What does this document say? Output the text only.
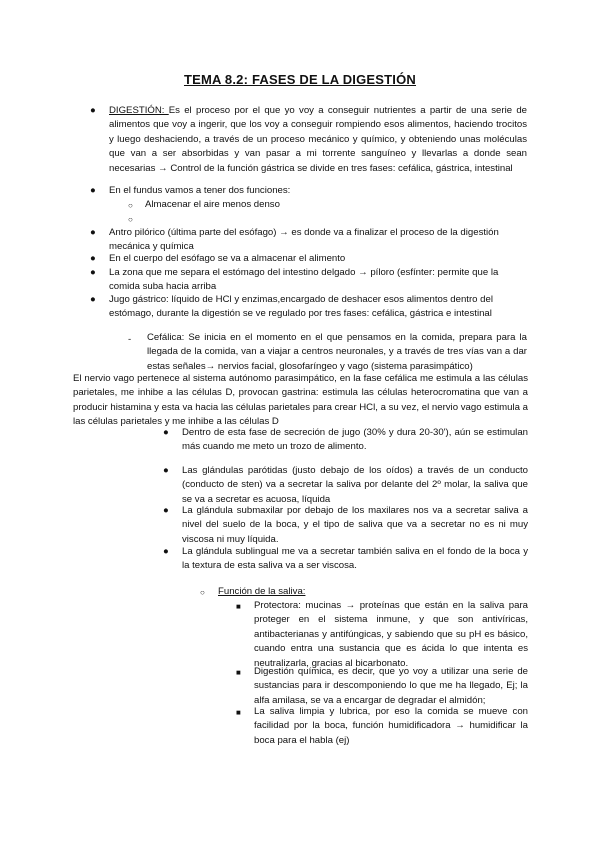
TEMA 8.2: FASES DE LA DIGESTIÓN
● DIGESTIÓN: Es el proceso por el que yo voy a conseguir nutrientes a partir de una serie de alimentos que voy a ingerir, que los voy a conseguir rompiendo esos alimentos, haciendo trocitos y luego deshaciendo, a través de un proceso mecánico y químico, y obteniendo unas moléculas que van a ser absorbidas y van pasar a mi torrente sanguíneo y llevarlas a donde sean necesarias → Control de la función gástrica se divide en tres fases: cefálica, gástrica, intestinal
● En el fundus vamos a tener dos funciones:
○ Almacenar el aire menos denso
○
● Antro pilórico (última parte del esófago) → es donde va a finalizar el proceso de la digestión mecánica y química
● En el cuerpo del esófago se va a almacenar el alimento
● La zona que me separa el estómago del intestino delgado → píloro (esfínter: permite que la comida suba hacia arriba
● Jugo gástrico: líquido de HCl y enzimas,encargado de deshacer esos alimentos dentro del estómago, durante la digestión se ve regulado por tres fases: cefálica, gástrica e intestinal
- Cefálica: Se inicia en el momento en el que pensamos en la comida, prepara para la llegada de la comida, van a viajar a centros neuronales, y a través de tres vías van a dar estas señales→ nervios facial, glosofaríngeo y vago (sistema parasimpático)
El nervio vago pertenece al sistema autónomo parasimpático, en la fase cefálica me estimula a las células parietales, me inhibe a las células D, provocan gastrina: estimula las células heterocromatina que van a producir histamina y esta va hacia las células parietales para crear HCl, a su vez, el nervio vago estimula a las células parietales y me inhibe a las células D
● Dentro de esta fase de secreción de jugo (30% y dura 20-30'), aún se estimulan más cuando me meto un trozo de alimento.
● Las glándulas parótidas (justo debajo de los oídos) a través de un conducto (conducto de sten) va a secretar la saliva por delante del 2º molar, la saliva que se va a secretar es acuosa, líquida
● La glándula submaxilar por debajo de los maxilares nos va a secretar saliva a nivel del suelo de la boca, y el tipo de saliva que va a secretar no es ni muy viscosa ni muy líquida.
● La glándula sublingual me va a secretar también saliva en el fondo de la boca y la textura de esta saliva va a ser viscosa.
○ Función de la saliva:
■ Protectora: mucinas → proteínas que están en la saliva para proteger en el sistema inmune, y que son antivíricas, antibacterianas y antifúngicas, y sabiendo que su pH es básico, cuando entra una sustancia que es ácida lo que intenta es neutralizarla, gracias al bicarbonato.
■ Digestión química, es decir, que yo voy a utilizar una serie de sustancias para ir descomponiendo lo que me ha llegado, Ej; la alfa amilasa, se va a encargar de degradar el almidón;
■ La saliva limpia y lubrica, por eso la comida se mueve con facilidad por la boca, función humidificadora → humidificar la boca para el habla (ej)
